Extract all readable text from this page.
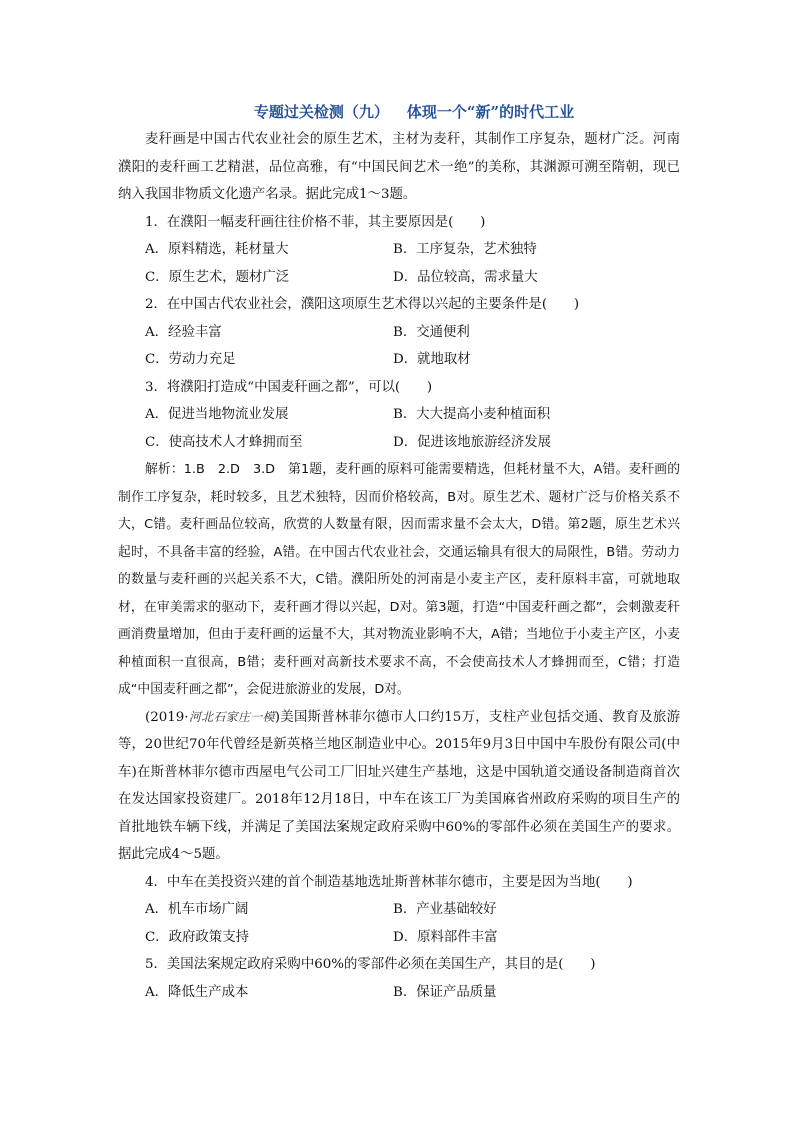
专题过关检测（九） 体现一个“新”的时代工业

麦秆画是中国古代农业社会的原生艺术，主材为麦秆，其制作工序复杂，题材广泛。河南濮阳的麦秆画工艺精湛，品位高雅，有“中国民间艺术一绝”的美称，其渊源可溯至隋朝，现已纳入我国非物质文化遗产名录。据此完成1～3题。

1．在濮阳一幅麦秆画往往价格不菲，其主要原因是(　　)

A．原料精选，耗材量大	B．工序复杂，艺术独特
C．原生艺术，题材广泛	D．品位较高，需求量大

2．在中国古代农业社会，濮阳这项原生艺术得以兴起的主要条件是(　　)

A．经验丰富	B．交通便利
C．劳动力充足	D．就地取材

3．将濮阳打造成“中国麦秆画之都”，可以(　　)

A．促进当地物流业发展	B．大大提高小麦种植面积
C．使高技术人才蜂拥而至	D．促进该地旅游经济发展

解析：1.B　2.D　3.D　第1题，麦秆画的原料可能需要精选，但耗材量不大，A错。麦秆画的制作工序复杂，耗时较多，且艺术独特，因而价格较高，B对。原生艺术、题材广泛与价格关系不大，C错。麦秆画品位较高，欣赏的人数量有限，因而需求量不会太大，D错。第2题，原生艺术兴起时，不具备丰富的经验，A错。在中国古代农业社会，交通运输具有很大的局限性，B错。劳动力的数量与麦秆画的兴起关系不大，C错。濮阳所处的河南是小麦主产区，麦秆原料丰富，可就地取材，在审美需求的驱动下，麦秆画才得以兴起，D对。第3题，打造“中国麦秆画之都”，会刺激麦秆画消费量增加，但由于麦秆画的运量不大，其对物流业影响不大，A错；当地位于小麦主产区，小麦种植面积一直很高，B错；麦秆画对高新技术要求不高，不会使高技术人才蜂拥而至，C错；打造成“中国麦秆画之都”，会促进旅游业的发展，D对。

(2019·河北石家庄一模)美国斯普林菲尔德市人口约15万，支柱产业包括交通、教育及旅游等，20世纪70年代曾经是新英格兰地区制造业中心。2015年9月3日中国中车股份有限公司(中车)在斯普林菲尔德市西屋电气公司工厂旧址兴建生产基地，这是中国轨道交通设备制造商首次在发达国家投资建厂。2018年12月18日，中车在该工厂为美国麻省州政府采购的项目生产的首批地铁车辆下线，并满足了美国法案规定政府采购中60%的零部件必须在美国生产的要求。据此完成4～5题。

4．中车在美投资兴建的首个制造基地选址斯普林菲尔德市，主要是因为当地(　　)

A．机车市场广阔	B．产业基础较好
C．政府政策支持	D．原料部件丰富

5．美国法案规定政府采购中60%的零部件必须在美国生产，其目的是(　　)

A．降低生产成本	B．保证产品质量
